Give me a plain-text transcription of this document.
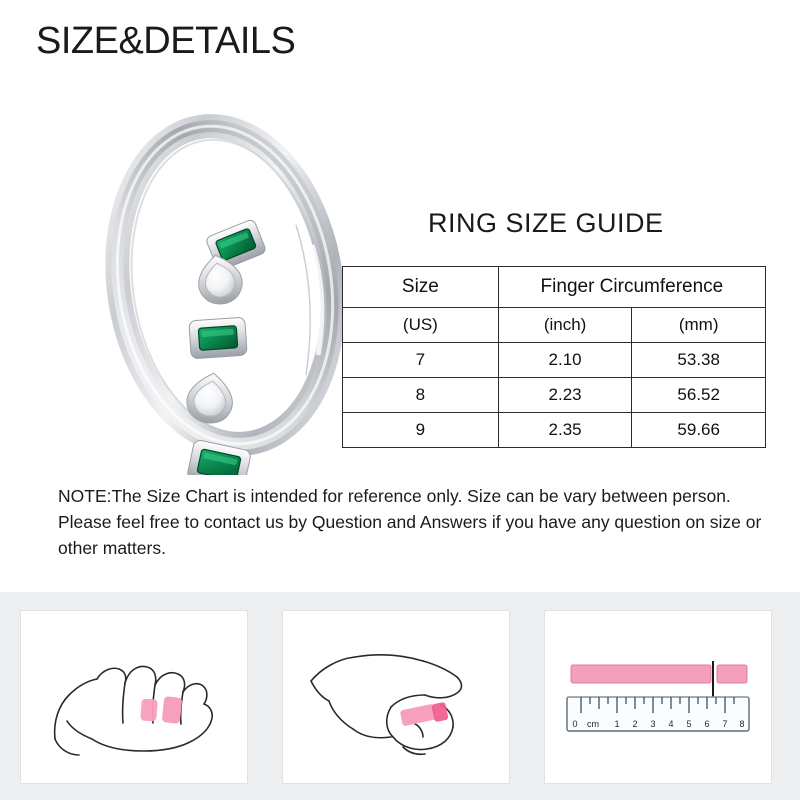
SIZE&DETAILS
RING SIZE GUIDE
Size	Finger Circumference	
(US)	(inch)	(mm)
7	2.10	53.38
8	2.23	56.52
9	2.35	59.66
NOTE:The Size Chart is intended for reference only. Size can be vary between person. Please feel free to contact us by Question and Answers if you have any question on size or other matters.
0 cm 1 2 3 4 5 6 7 8
